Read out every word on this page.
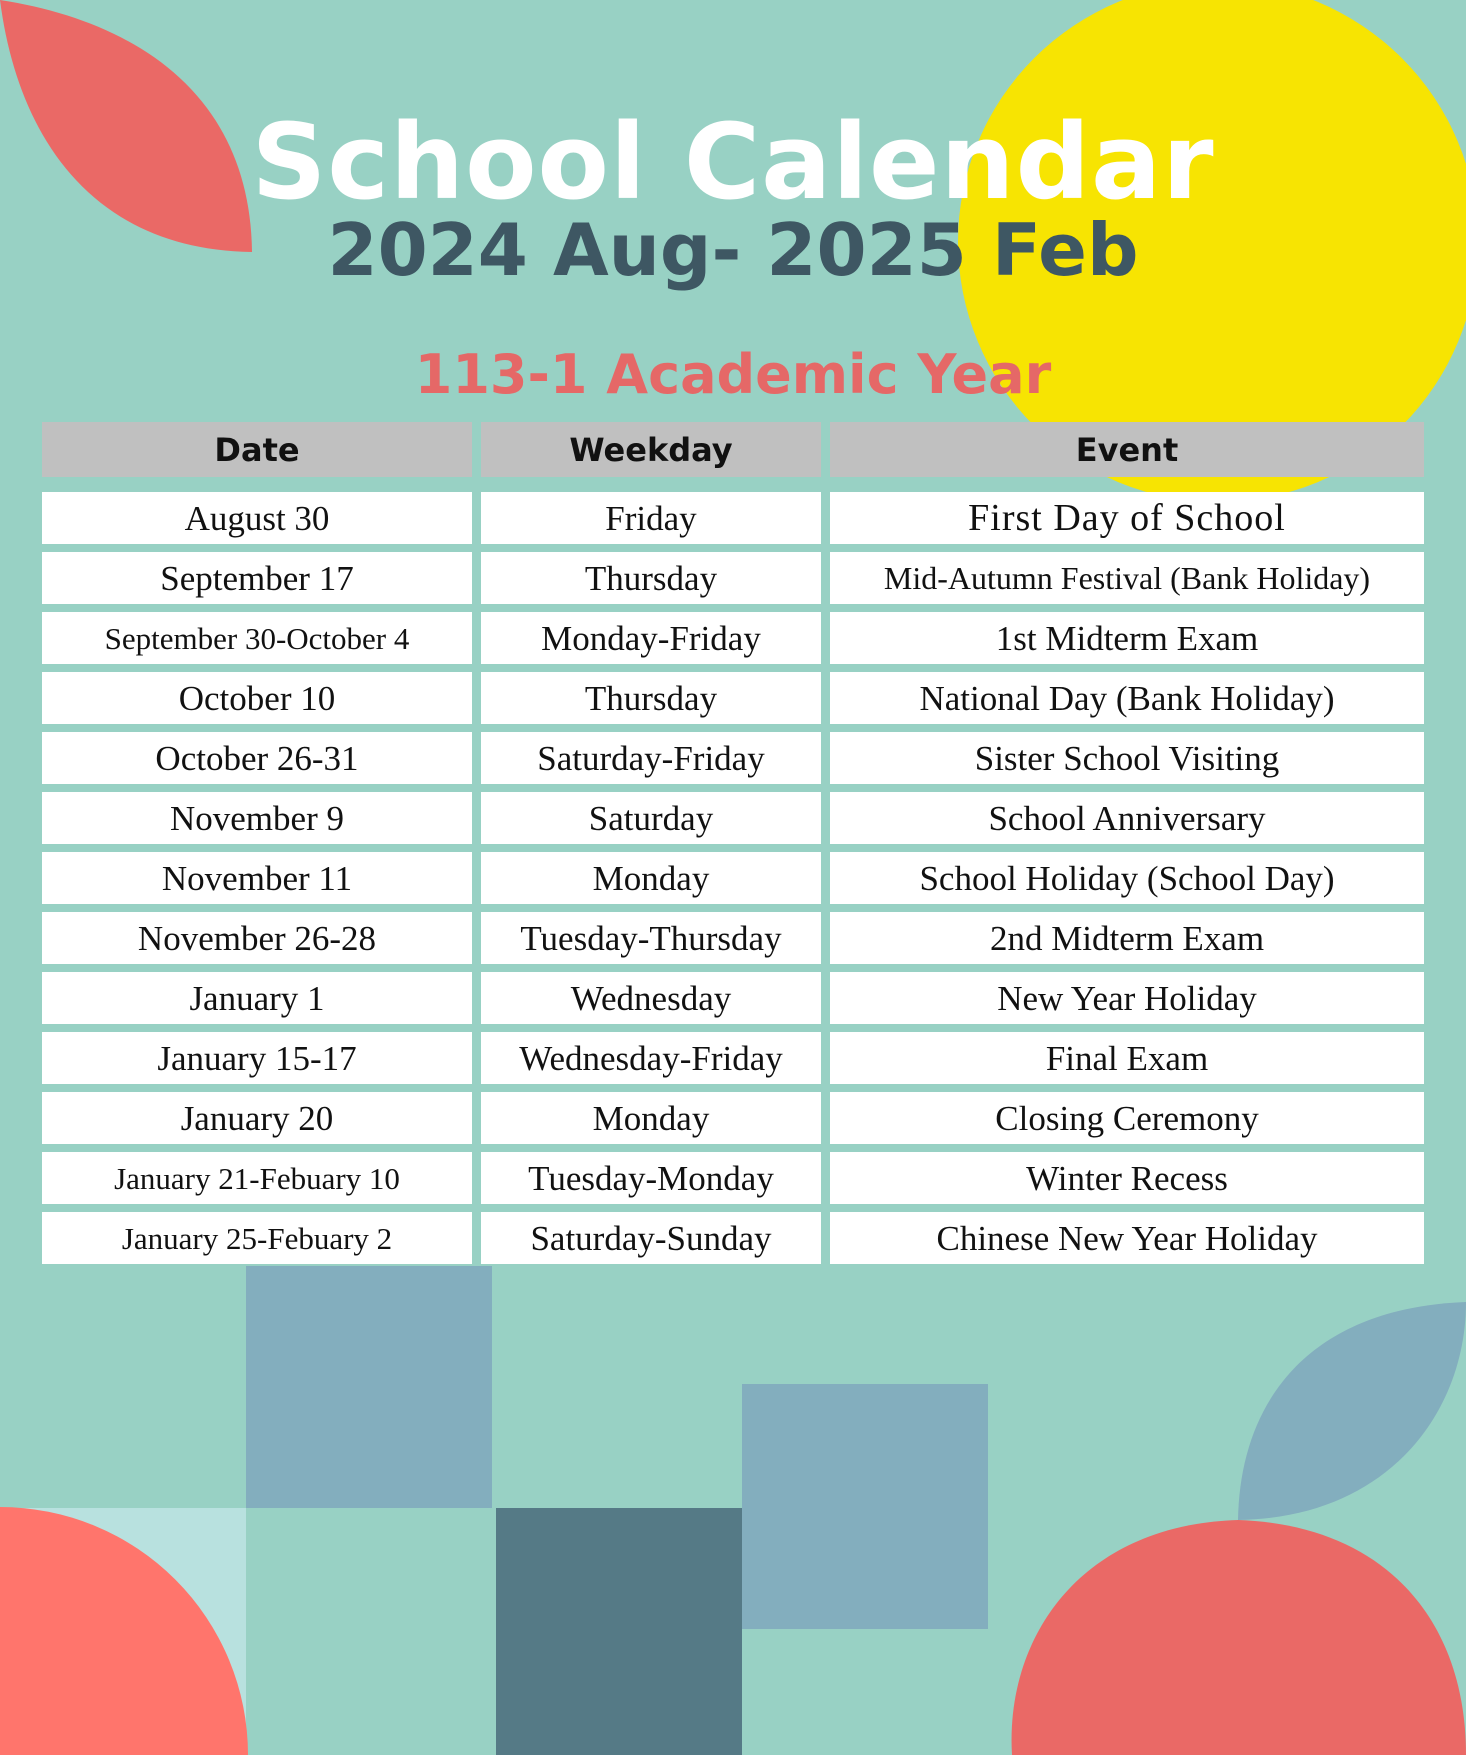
School Calendar
2024 Aug- 2025 Feb
113-1 Academic Year
Date	Weekday	Event
August 30	Friday	First Day of School
September 17	Thursday	Mid-Autumn Festival (Bank Holiday)
September 30-October 4	Monday-Friday	1st Midterm Exam
October 10	Thursday	National Day (Bank Holiday)
October 26-31	Saturday-Friday	Sister School Visiting
November 9	Saturday	School Anniversary
November 11	Monday	School Holiday (School Day)
November 26-28	Tuesday-Thursday	2nd Midterm Exam
January 1	Wednesday	New Year Holiday
January 15-17	Wednesday-Friday	Final Exam
January 20	Monday	Closing Ceremony
January 21-Febuary 10	Tuesday-Monday	Winter Recess
January 25-Febuary 2	Saturday-Sunday	Chinese New Year Holiday
